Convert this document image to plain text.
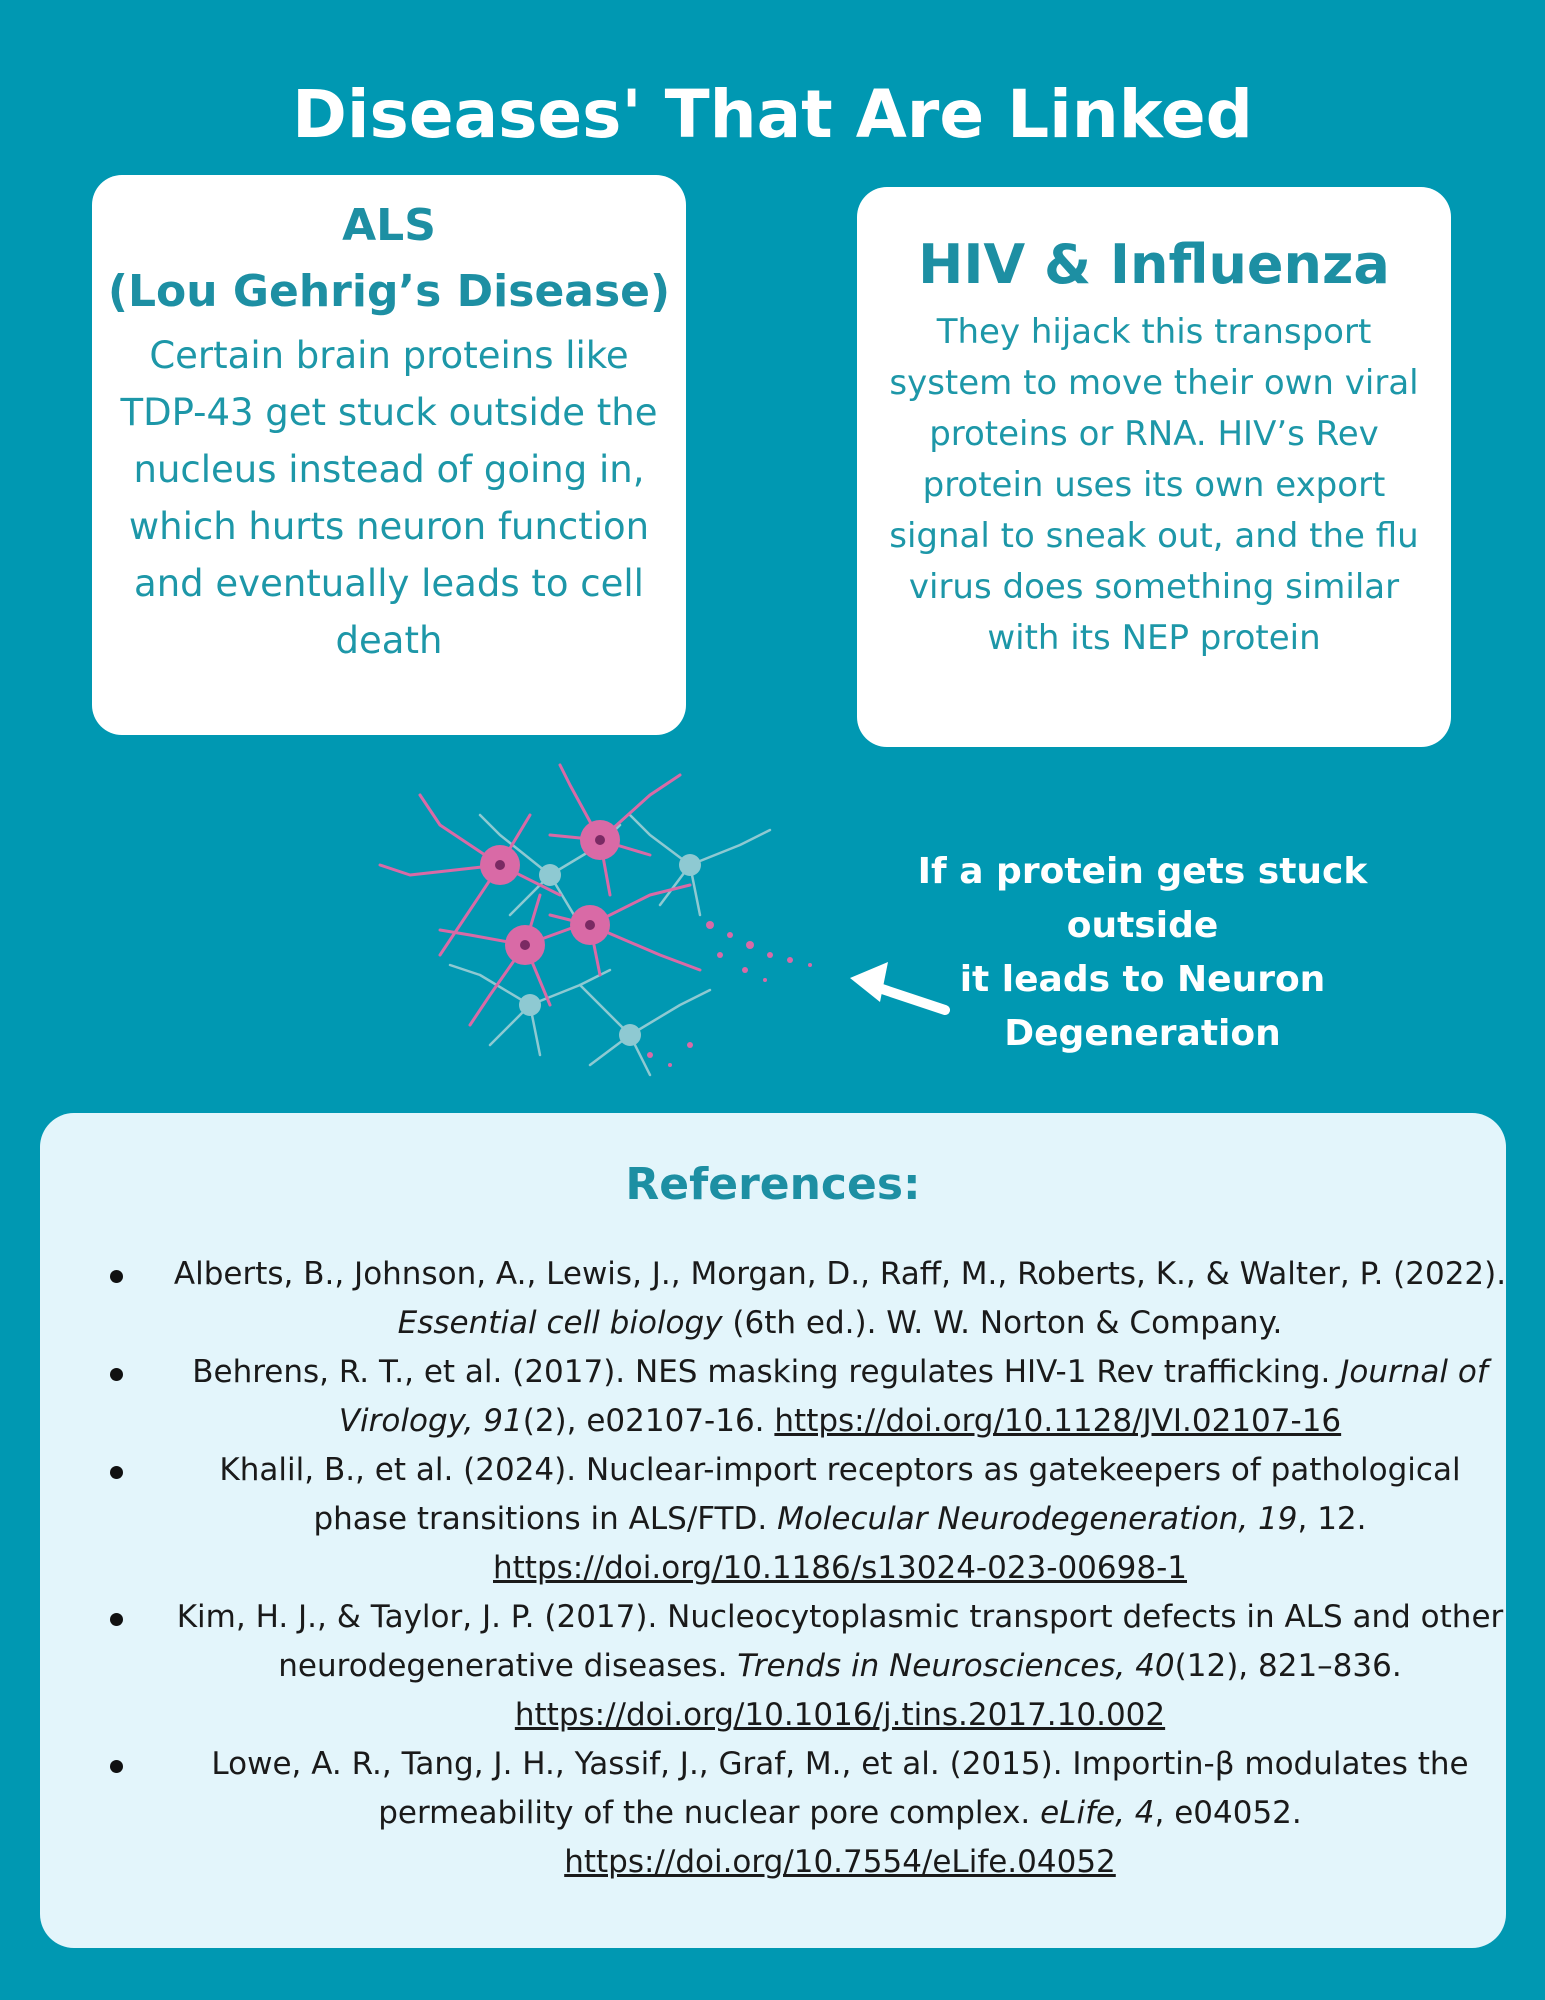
Diseases' That Are Linked
ALS
(Lou Gehrig’s Disease)

Certain brain proteins like TDP-43 get stuck outside the nucleus instead of going in, which hurts neuron function and eventually leads to cell death

HIV & Influenza

They hijack this transport system to move their own viral proteins or RNA. HIV’s Rev protein uses its own export signal to sneak out, and the flu virus does something similar with its NEP protein

If a protein gets stuck
outside
it leads to Neuron
Degeneration

References:
Alberts, B., Johnson, A., Lewis, J., Morgan, D., Raff, M., Roberts, K., & Walter, P. (2022). Essential cell biology (6th ed.). W. W. Norton & Company.
Behrens, R. T., et al. (2017). NES masking regulates HIV-1 Rev trafficking. Journal of Virology, 91(2), e02107-16. https://doi.org/10.1128/JVI.02107-16
Khalil, B., et al. (2024). Nuclear-import receptors as gatekeepers of pathological phase transitions in ALS/FTD. Molecular Neurodegeneration, 19, 12. https://doi.org/10.1186/s13024-023-00698-1
Kim, H. J., & Taylor, J. P. (2017). Nucleocytoplasmic transport defects in ALS and other neurodegenerative diseases. Trends in Neurosciences, 40(12), 821–836. https://doi.org/10.1016/j.tins.2017.10.002
Lowe, A. R., Tang, J. H., Yassif, J., Graf, M., et al. (2015). Importin-β modulates the permeability of the nuclear pore complex. eLife, 4, e04052. https://doi.org/10.7554/eLife.04052
